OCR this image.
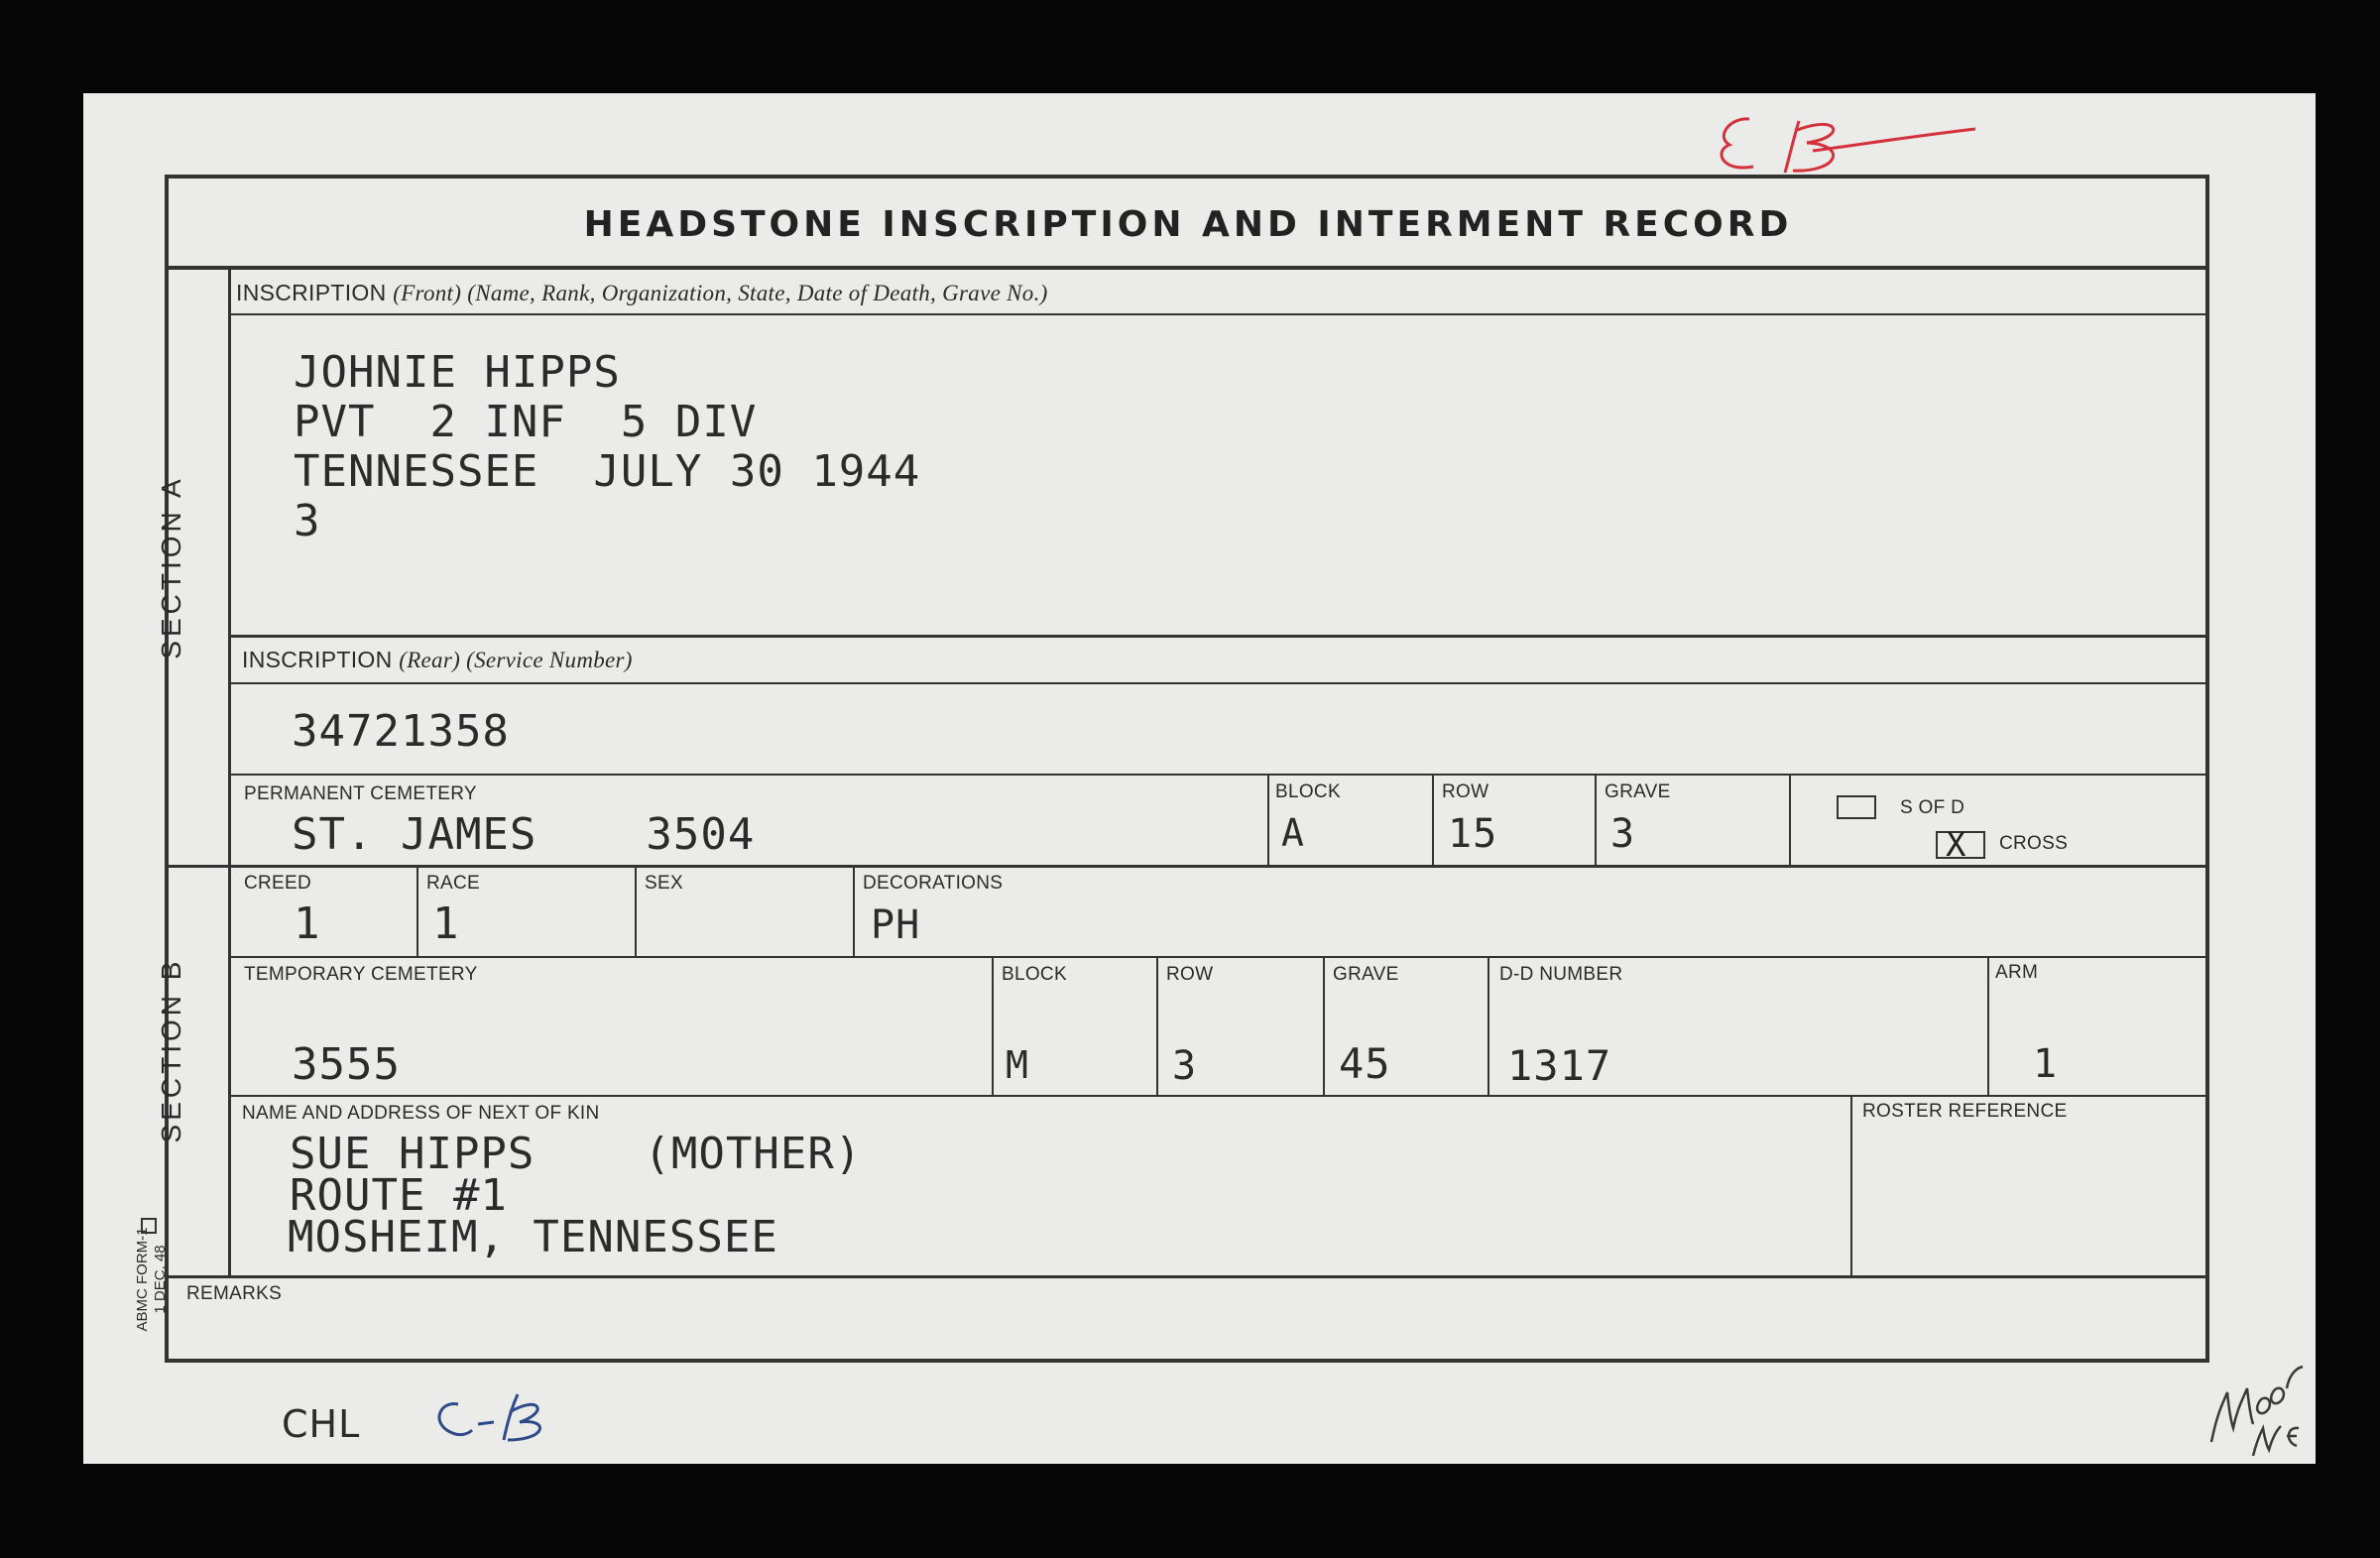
HEADSTONE INSCRIPTION AND INTERMENT RECORD
SECTION A
SECTION B
ABMC FORM-1 1 DEC. 48
INSCRIPTION (Front) (Name, Rank, Organization, State, Date of Death, Grave No.)
JOHNIE HIPPS
PVT  2 INF  5 DIV
TENNESSEE  JULY 30 1944
3
INSCRIPTION (Rear) (Service Number)
34721358
PERMANENT CEMETERY
ST. JAMES    3504
BLOCK
A
ROW
15
GRAVE
3
S OF D
X CROSS
CREED
1
RACE
1
SEX	DECORATIONS
PH
TEMPORARY CEMETERY
3555
BLOCK
M
ROW
3
GRAVE
45
D-D NUMBER
1317
ARM
1
NAME AND ADDRESS OF NEXT OF KIN
SUE HIPPS    (MOTHER)
ROUTE #1
MOSHEIM, TENNESSEE
ROSTER REFERENCE
REMARKS
CHL
